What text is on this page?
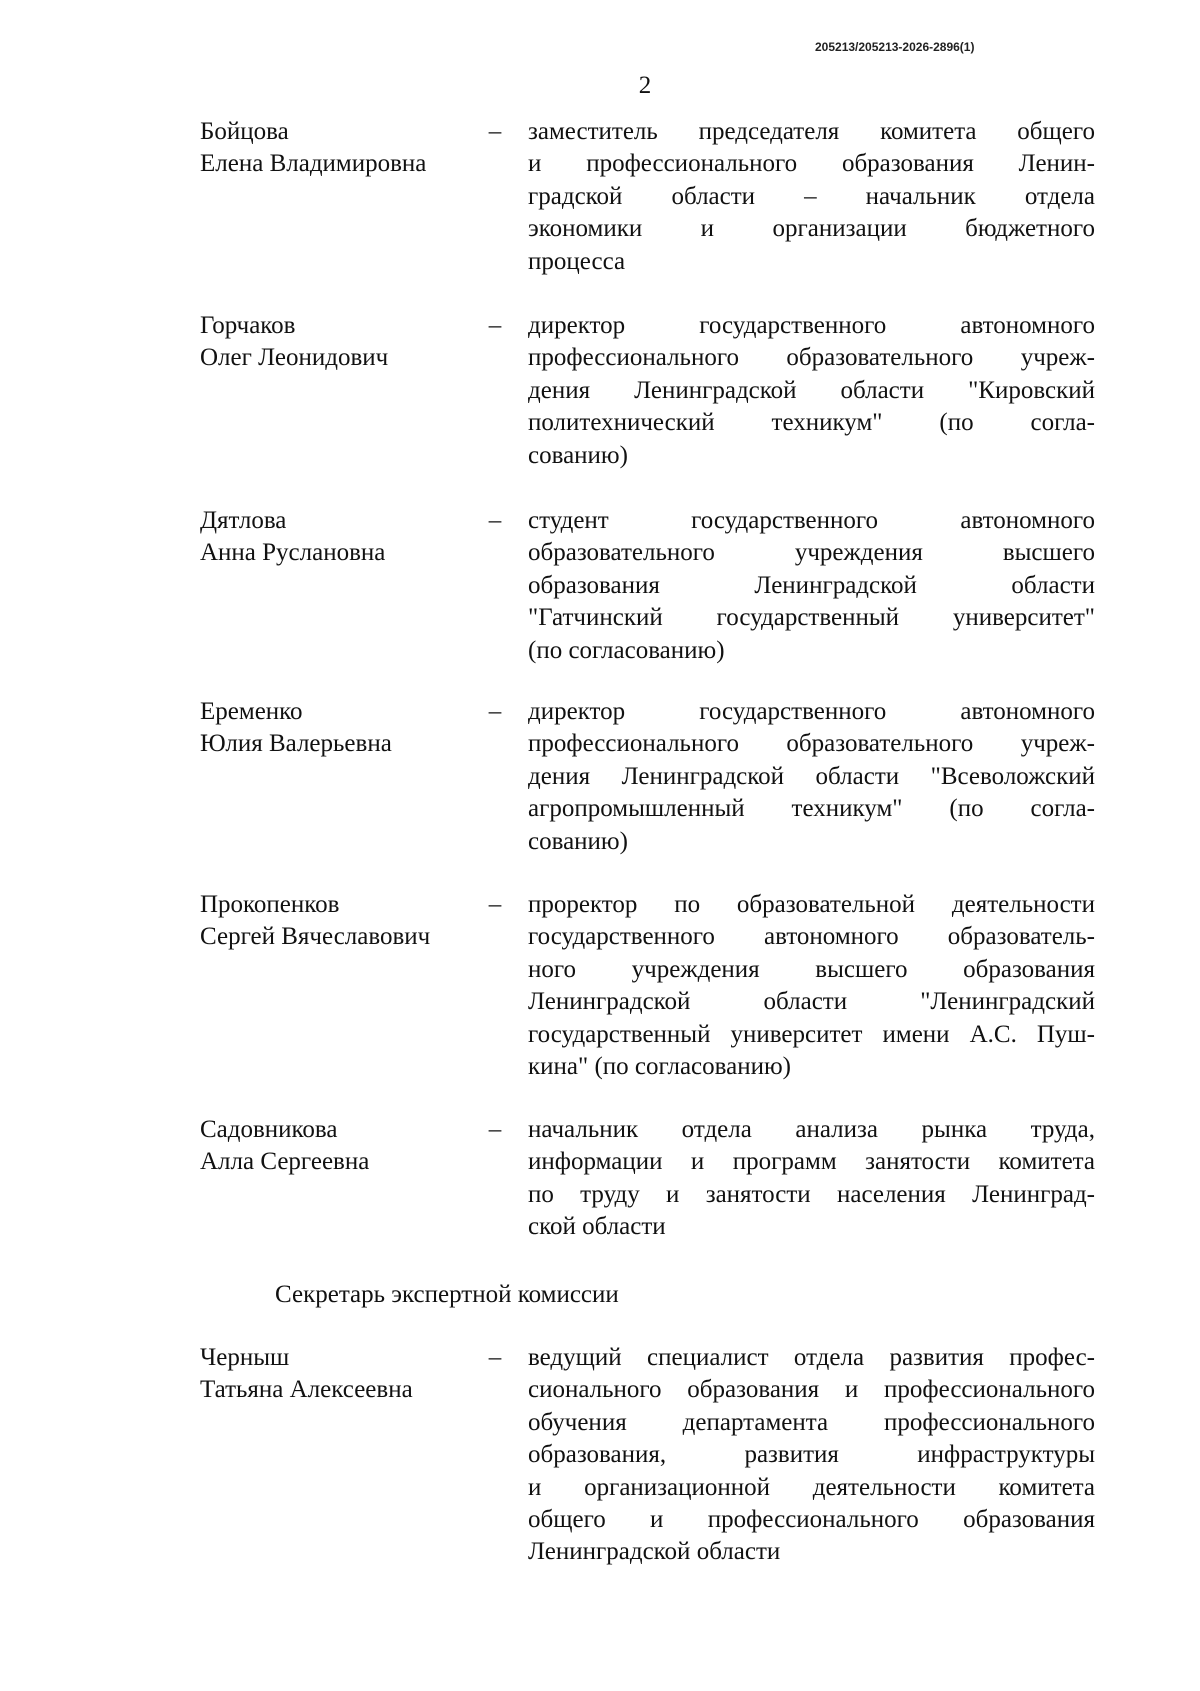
205213/205213-2026-2896(1)
2
Бойцова
Елена Владимировна
– заместитель председателя комитета общего
и профессионального образования Ленин-
градской области – начальник отдела
экономики и организации бюджетного
процесса
Горчаков
Олег Леонидович
– директор государственного автономного
профессионального образовательного учреж-
дения Ленинградской области "Кировский
политехнический техникум" (по согла-
сованию)
Дятлова
Анна Руслановна
– студент государственного автономного
образовательного учреждения высшего
образования Ленинградской области
"Гатчинский государственный университет"
(по согласованию)
Еременко
Юлия Валерьевна
– директор государственного автономного
профессионального образовательного учреж-
дения Ленинградской области "Всеволожский
агропромышленный техникум" (по согла-
сованию)
Прокопенков
Сергей Вячеславович
– проректор по образовательной деятельности
государственного автономного образователь-
ного учреждения высшего образования
Ленинградской области "Ленинградский
государственный университет имени А.С. Пуш-
кина" (по согласованию)
Садовникова
Алла Сергеевна
– начальник отдела анализа рынка труда,
информации и программ занятости комитета
по труду и занятости населения Ленинград-
ской области
Секретарь экспертной комиссии
Черныш
Татьяна Алексеевна
– ведущий специалист отдела развития профес-
сионального образования и профессионального
обучения департамента профессионального
образования, развития инфраструктуры
и организационной деятельности комитета
общего и профессионального образования
Ленинградской области
